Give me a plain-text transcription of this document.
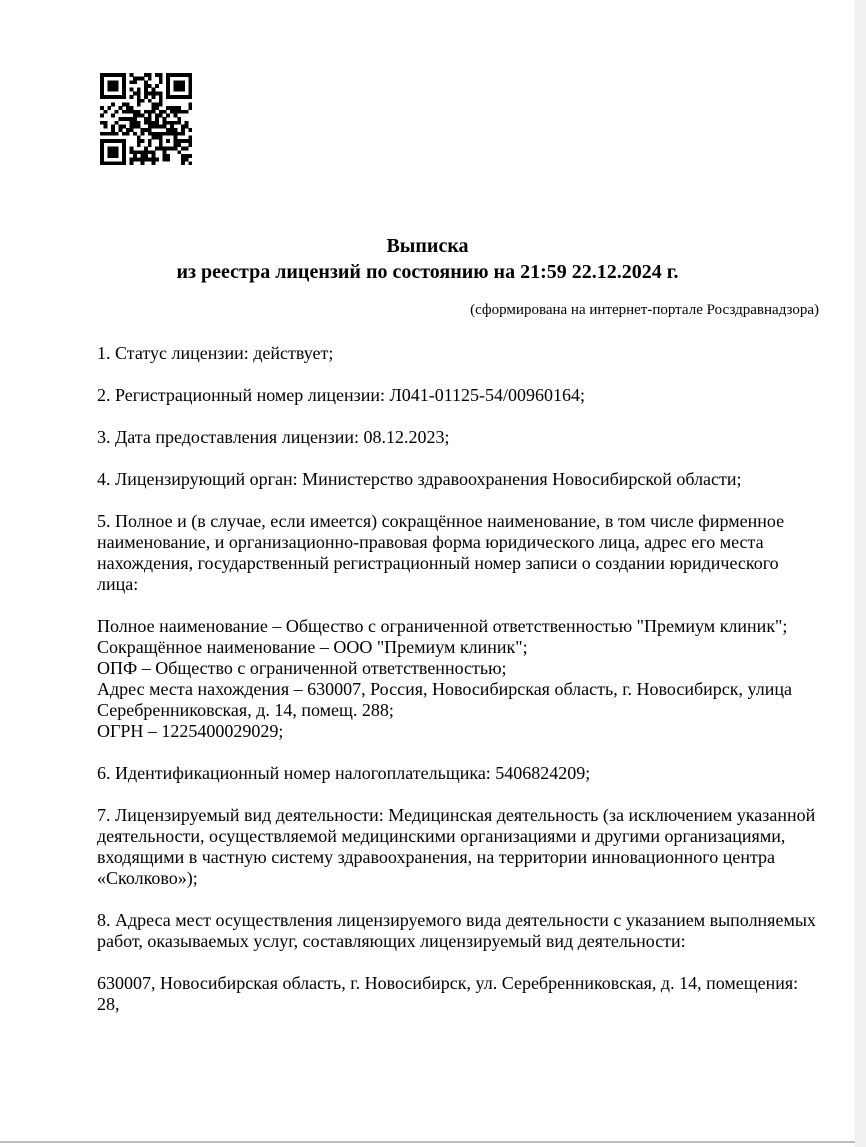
Выписка
из реестра лицензий по состоянию на 21:59 22.12.2024 г.
(сформирована на интернет-портале Росздравнадзора)

1. Статус лицензии: действует;

2. Регистрационный номер лицензии: Л041-01125-54/00960164;

3. Дата предоставления лицензии: 08.12.2023;

4. Лицензирующий орган: Министерство здравоохранения Новосибирской области;

5. Полное и (в случае, если имеется) сокращённое наименование, в том числе фирменное наименование, и организационно-правовая форма юридического лица, адрес его места нахождения, государственный регистрационный номер записи о создании юридического лица:

Полное наименование – Общество с ограниченной ответственностью "Премиум клиник";

Сокращённое наименование – ООО "Премиум клиник";

ОПФ – Общество с ограниченной ответственностью;

Адрес места нахождения – 630007, Россия, Новосибирская область, г. Новосибирск, улица Серебренниковская, д. 14, помещ. 288;

ОГРН – 1225400029029;

6. Идентификационный номер налогоплательщика: 5406824209;

7. Лицензируемый вид деятельности: Медицинская деятельность (за исключением указанной деятельности, осуществляемой медицинскими организациями и другими организациями, входящими в частную систему здравоохранения, на территории инновационного центра «Сколково»);

8. Адреса мест осуществления лицензируемого вида деятельности с указанием выполняемых работ, оказываемых услуг, составляющих лицензируемый вид деятельности:

630007, Новосибирская область, г. Новосибирск, ул. Серебренниковская, д. 14, помещения: 28,
